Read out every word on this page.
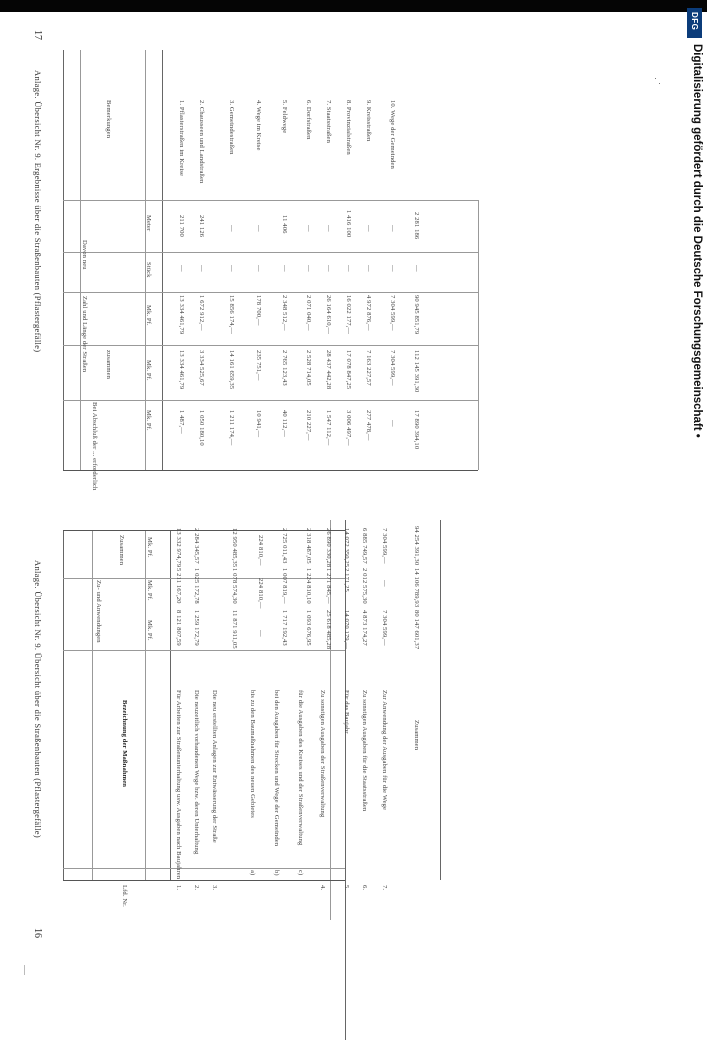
16
17
Anlage. Übersicht Nr. 9. Übersicht über die Straßenbauten (Pflastergefälle)
Anlage. Übersicht Nr. 9. Ergebnisse über die Straßenbauten (Pflastergefälle)
Bezeichnung der Maßnahmen
Lfd. Nr.
Zu- und Anwendungen
Zusammen
Mk. Pf.
Mk. Pf.
Mk. Pf.
1.
Für Arbeiten zur Straßenunterhaltung usw. Ausgaben nach Baujahren
8 121 807,59
5 211 167,20
13 332 974,79
2.
Die neuzeitlich vorhandenen Wege bzw. deren Unterhaltung
1 259 172,79
1 025 172,78
2 284 345,57
3.
Die neu erstellten Anlagen zur Entwässerung der Straße
11 871 911,05
1 078 574,30
12 950 485,35
a)
bis zu den Baumaßnahmen des neuen Gebietes
—
224 810,—
224 810,—
b)
bei den Ausgaben für Strecken und Wege der Gemeinden
1 717 192,43
1 007 819,—
2 725 011,43
c)
für die Ausgaben des Kreises und der Straßenverwaltung
1 093 676,95
1 224 810,10
2 318 487,05
4.
Zu sonstigen Ausgaben der Straßenverwaltung
25 618 485,28
1 271 845,—
26 890 330,28
5.
Für das Baujahr
14 070 179,—
2 171,25
14 072 350,25
6.
Zu sonstigen Ausgaben für die Staatsstraßen
4 873 174,27
2 012 575,30
6 885 749,57
7.
Zur Anwendung der Ausgaben für die Wege
7 304 599,—
—
7 304 599,—
Zusammen
80 147 601,37
14 106 789,93
94 254 391,30
Bei Abschluß der ... erforderlich
zusammen
Zahl und Länge der Straßen
Davon neu
Bemerkungen
Mk. Pf.
Mk. Pf.
Mk. Pf.
Stück
Meter
1 487,—
13 334 461,79
13 334 461,79
—
211 700
1. Pflasterstraßen im Kreise
1 050 180,10
3 334 525,67
1 672 912,—
—
241 126
2. Chausseen und Landstraßen
1 211 174,—
14 161 659,35
15 856 174,—
—
—
3. Gemeindestraßen
10 941,—
235 751,—
178 700,—
—
—
4. Wege im Kreise
40 112,—
2 765 123,43
2 348 512,—
—
11 406
5. Feldwege
210 227,—
2 528 714,05
2 071 040,—
—
—
6. Dorfstraßen
1 547 112,—
28 437 442,28
26 164 610,—
—
—
7. Staatsstraßen
3 006 497,—
17 078 847,25
16 022 177,—
—
1 416 100
8. Provinzialstraßen
277 478,—
7 163 227,57
4 972 876,—
—
—
9. Kreisstraßen
—
7 304 599,—
7 304 599,—
—
—
10. Wege der Gemeinden
17 890 394,10
112 145 391,30
90 945 851,79
—
2 281 186	Digitalisierung gefördert durch die Deutsche Forschungsgemeinschaft •
DFG
